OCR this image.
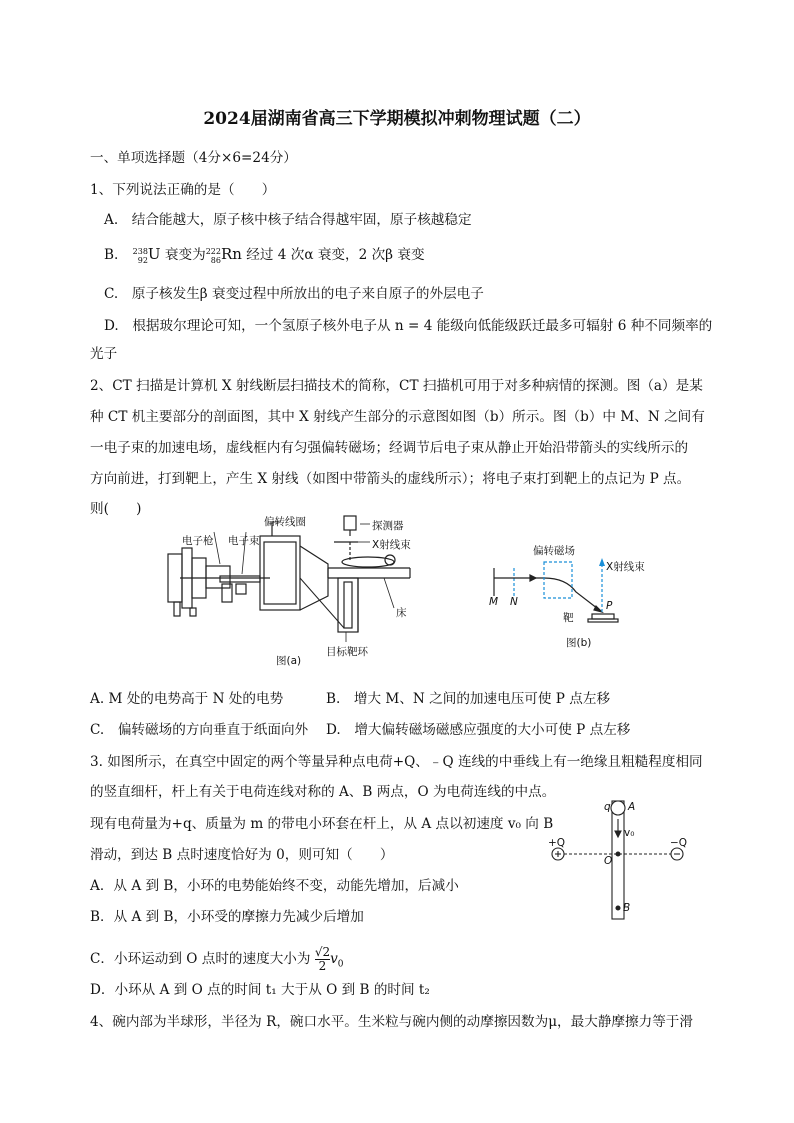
2024届湖南省高三下学期模拟冲刺物理试题（二）
一、单项选择题（4分×6=24分）
1、下列说法正确的是（　　）
A.　结合能越大，原子核中核子结合得越牢固，原子核越稳定
B. 238
92 U 衰变为 222
86 Rn 经过 4 次α 衰变，2 次β 衰变
C.　原子核发生β 衰变过程中所放出的电子来自原子的外层电子
D.　根据玻尔理论可知，一个氢原子核外电子从 n = 4 能级向低能级跃迁最多可辐射 6 种不同频率的
光子
2、CT 扫描是计算机 X 射线断层扫描技术的简称，CT 扫描机可用于对多种病情的探测。图（a）是某
种 CT 机主要部分的剖面图，其中 X 射线产生部分的示意图如图（b）所示。图（b）中 M、N 之间有
一电子束的加速电场，虚线框内有匀强偏转磁场；经调节后电子束从静止开始沿带箭头的实线所示的
方向前进，打到靶上，产生 X 射线（如图中带箭头的虚线所示）；将电子束打到靶上的点记为 P 点。
则(　　)
电子枪 电子束
偏转线圈	探测器
X射线束
床
目标靶环
图(a)
偏转磁场
X射线束
M N	P
靶
图(b)
A. M 处的电势高于 N 处的电势	B.　增大 M、N 之间的加速电压可使 P 点左移
C.　偏转磁场的方向垂直于纸面向外 D.　增大偏转磁场磁感应强度的大小可使 P 点左移
3. 如图所示，在真空中固定的两个等量异种点电荷+Q、﹣Q 连线的中垂线上有一绝缘且粗糙程度相同
的竖直细杆，杆上有关于电荷连线对称的 A、B 两点，O 为电荷连线的中点。
现有电荷量为+q、质量为 m 的带电小环套在杆上，从 A 点以初速度 v₀ 向 B
滑动，到达 B 点时速度恰好为 0，则可知（　　）
A．从 A 到 B，小环的电势能始终不变，动能先增加，后减小
B．从 A 到 B，小环受的摩擦力先减少后增加
C．小环运动到 O 点时的速度大小为 $\frac{√2}{2} v_0$
D．小环从 A 到 O 点的时间 t₁ 大于从 O 到 B 的时间 t₂
q A
v₀
+Q	−Q
O
B
4、碗内部为半球形，半径为 R，碗口水平。生米粒与碗内侧的动摩擦因数为μ，最大静摩擦力等于滑
